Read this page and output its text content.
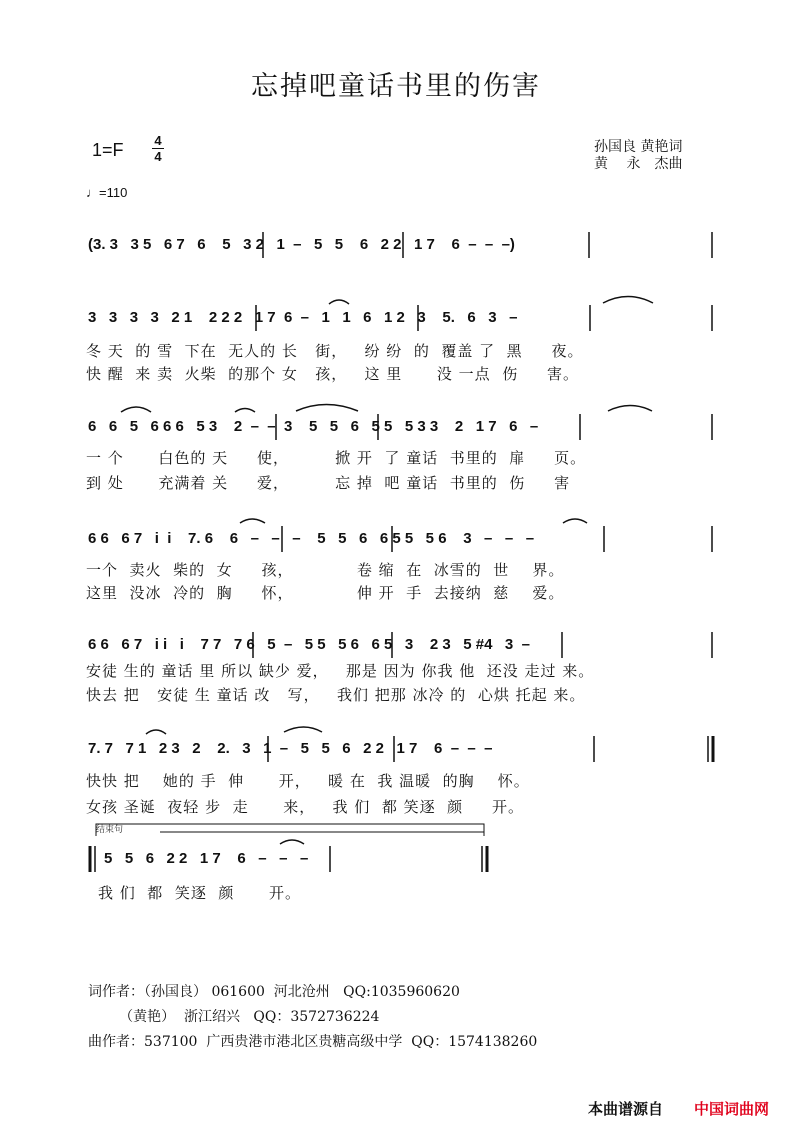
忘掉吧童话书里的伤害
1=F 4
4
孙国良 黄艳词
黄　 永　杰曲
♩=110
(3. 3   3 5   6 7   6    5   3 2   1  –   5   5    6   2 2   1 7    6  –  –  –)
3   3   3   3   2 1    2 2 2   1 7  6  –   1   1   6   1 2   3    5.   6   3   –
冬 天  的 雪  下在  无人的 长   街，   纷 纷  的  覆盖 了  黑     夜。
快 醒  来 卖  火柴  的那个 女   孩，   这 里      没 一点  伤     害。
6   6   5   6 6 6   5 3    2  –  –  3    5   5   6   5 5   5 3 3    2   1 7   6   –
一 个      白色的 天     使，        掀 开  了 童话  书里的  扉     页。
到 处      充满着 关     爱，        忘 掉  吧 童话  书里的  伤     害
6 6   6 7   i  i    7. 6    6   –   –   –    5   5   6   6 5 5   5 6    3   –   –   –
一个  卖火  柴的  女     孩，           卷 缩  在  冰雪的  世    界。
这里  没冰  冷的  胸     怀，           伸 开  手  去接纳  慈    爱。
6 6   6 7   i i   i    7 7   7 6   5  –   5 5   5 6   6 5   3    2 3   5 #4   3  –
安徒 生的 童话 里 所以 缺少 爱，   那是 因为 你我 他  还没 走过 来。
快去 把   安徒 生 童话 改   写，   我们 把那 冰冷 的  心烘 托起 来。
7. 7   7 1   2 3   2    2.   3   1  –   5   5   6   2 2   1 7    6  –  –  –
快快 把    她的 手  伸      开，   暖 在  我 温暖  的胸    怀。
女孩 圣诞  夜轻 步  走      来，   我 们  都 笑逐  颜     开。
结束句
5   5   6   2 2   1 7    6   –   –   –
我 们  都  笑逐  颜      开。
词作者：（孙国良） 061600  河北沧州   QQ:1035960620
（黄艳）  浙江绍兴   QQ：3572736224
曲作者：537100  广西贵港市港北区贵糖高级中学  QQ：1574138260
本曲谱源自 中国词曲网
